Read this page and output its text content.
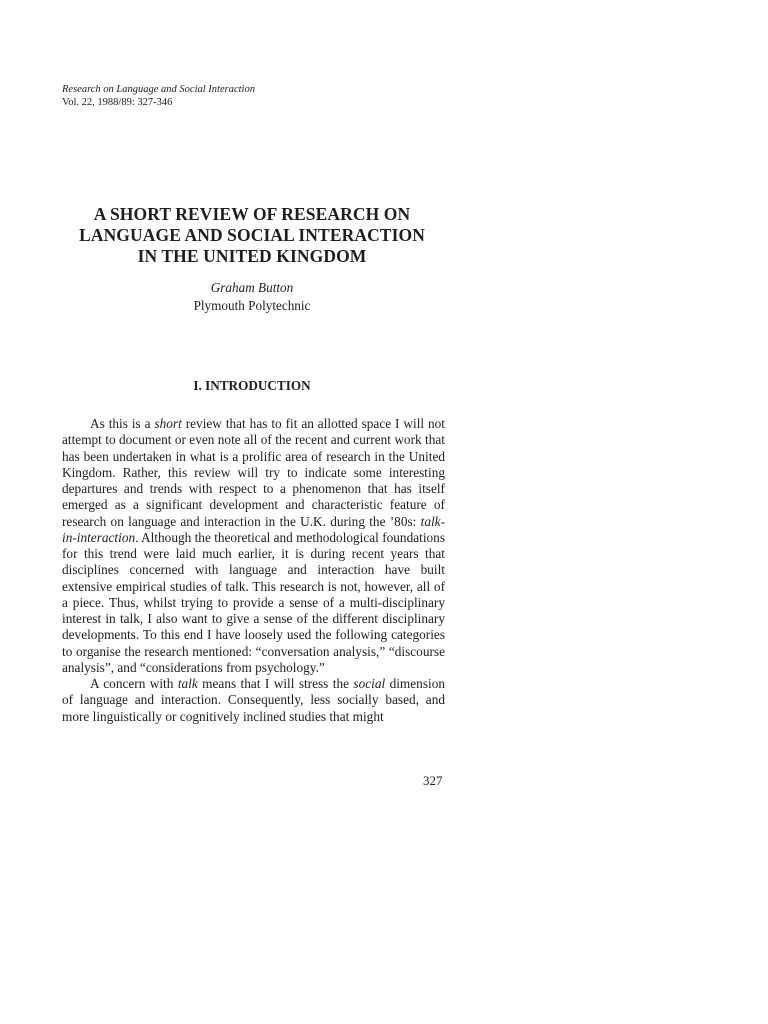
Research on Language and Social Interaction
Vol. 22, 1988/89: 327-346
A SHORT REVIEW OF RESEARCH ON
LANGUAGE AND SOCIAL INTERACTION
IN THE UNITED KINGDOM
Graham Button
Plymouth Polytechnic
I. INTRODUCTION

As this is a short review that has to fit an allotted space I will not attempt to document or even note all of the recent and current work that has been undertaken in what is a prolific area of research in the United Kingdom. Rather, this review will try to indicate some interesting departures and trends with respect to a phenomenon that has itself emerged as a significant development and characteristic feature of research on language and interaction in the U.K. during the ’80s: talk-in-interaction. Although the theoretical and methodological foundations for this trend were laid much earlier, it is during recent years that disciplines concerned with language and interaction have built extensive empirical studies of talk. This research is not, however, all of a piece. Thus, whilst trying to provide a sense of a multi-disciplinary interest in talk, I also want to give a sense of the different disciplinary developments. To this end I have loosely used the following categories to organise the research mentioned: “conversation analysis,” “discourse analysis”, and “considerations from psychology.”

A concern with talk means that I will stress the social dimension of language and interaction. Consequently, less socially based, and more linguistically or cognitively inclined studies that might

327
